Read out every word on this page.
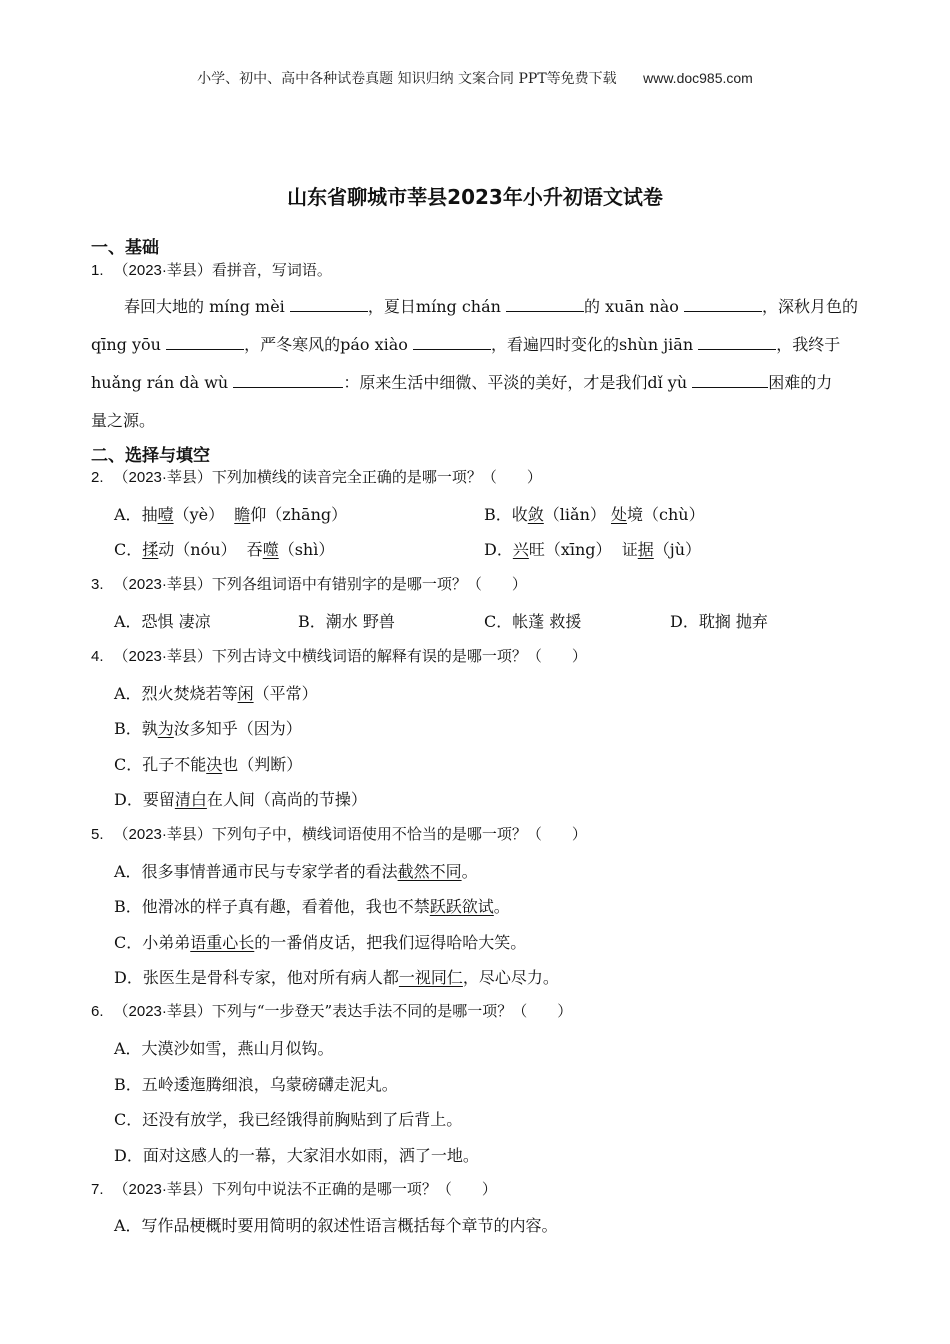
小学、初中、高中各种试卷真题 知识归纳 文案合同 PPT等免费下载 www.doc985.com
山东省聊城市莘县2023年小升初语文试卷
一、基础
1. （2023·莘县）看拼音，写词语。
春回大地的 míng mèi	，夏日míng chán	的 xuān nào	，深秋月色的
qīng yōu	，严冬寒风的páo xiào	，看遍四时变化的shùn jiān	，我终于
huǎng rán dà wù	：原来生活中细微、平淡的美好，才是我们dǐ yù	困难的力
量之源。
二、选择与填空
2. （2023·莘县）下列加横线的读音完全正确的是哪一项？（　　）
A．抽噎（yè） 瞻仰（zhāng）	B．收敛（liǎn） 处境（chù）
C．揉动（nóu） 吞噬（shì）	D．兴旺（xīng） 证据（jù）
3. （2023·莘县）下列各组词语中有错别字的是哪一项？（　　）
A．恐惧 凄凉	B．潮水 野兽	C．帐蓬 救援	D．耽搁 抛弃
4. （2023·莘县）下列古诗文中横线词语的解释有误的是哪一项？（　　）
A．烈火焚烧若等闲（平常）
B．孰为汝多知乎（因为）
C．孔子不能决也（判断）
D．要留清白在人间（高尚的节操）
5. （2023·莘县）下列句子中，横线词语使用不恰当的是哪一项？（　　）
A．很多事情普通市民与专家学者的看法截然不同。
B．他滑冰的样子真有趣，看着他，我也不禁跃跃欲试。
C．小弟弟语重心长的一番俏皮话，把我们逗得哈哈大笑。
D．张医生是骨科专家，他对所有病人都一视同仁，尽心尽力。
6. （2023·莘县）下列与“一步登天”表达手法不同的是哪一项？（　　）
A．大漠沙如雪，燕山月似钩。
B．五岭逶迤腾细浪，乌蒙磅礴走泥丸。
C．还没有放学，我已经饿得前胸贴到了后背上。
D．面对这感人的一幕，大家泪水如雨，洒了一地。
7. （2023·莘县）下列句中说法不正确的是哪一项？（　　）
A．写作品梗概时要用简明的叙述性语言概括每个章节的内容。
